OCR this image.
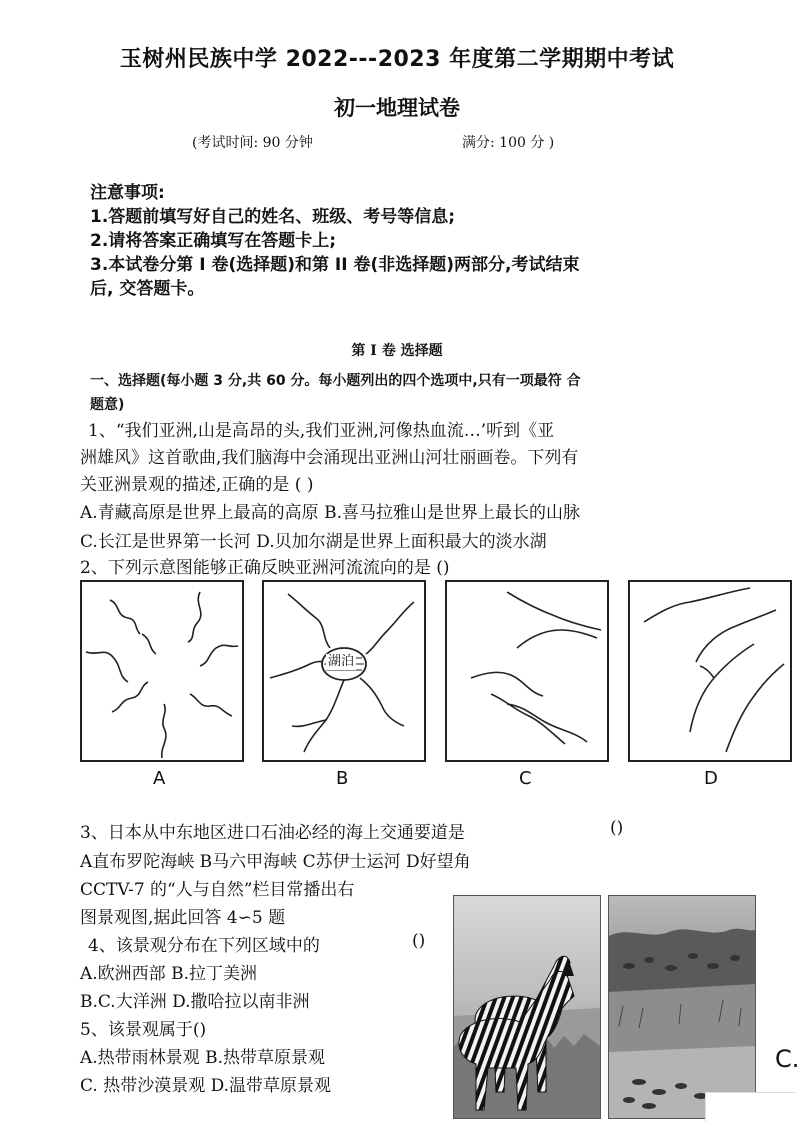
玉树州民族中学 2022---2023 年度第二学期期中考试
初一地理试卷
(考试时间: 90 分钟	满分: 100 分 )
注意事项:
1.答题前填写好自己的姓名、班级、考号等信息;
2.请将答案正确填写在答题卡上;
3.本试卷分第 I 卷(选择题)和第 II 卷(非选择题)两部分,考试结束
后, 交答题卡。
第 I 卷 选择题
一、选择题(每小题 3 分,共 60 分。每小题列出的四个选项中,只有一项最符 合
题意)
1、“我们亚洲,山是高昂的头,我们亚洲,河像热血流…’听到《亚
洲雄风》这首歌曲,我们脑海中会涌现出亚洲山河壮丽画卷。下列有
关亚洲景观的描述,正确的是 ( )
A.青藏高原是世界上最高的高原 B.喜马拉雅山是世界上最长的山脉
C.长江是世界第一长河 D.贝加尔湖是世界上面积最大的淡水湖
2、下列示意图能够正确反映亚洲河流流向的是 ()
A
湖泊
B	C	D
3、日本从中东地区进口石油必经的海上交通要道是	()
A直布罗陀海峡 B马六甲海峡 C苏伊士运河 D好望角
CCTV-7 的“人与自然”栏目常播出右
图景观图,据此回答 4∽5 题
4、该景观分布在下列区域中的	()
A.欧洲西部 B.拉丁美洲
B.C.大洋洲 D.撒哈拉以南非洲
5、该景观属于()
A.热带雨林景观 B.热带草原景观
C. 热带沙漠景观 D.温带草原景观
C.
